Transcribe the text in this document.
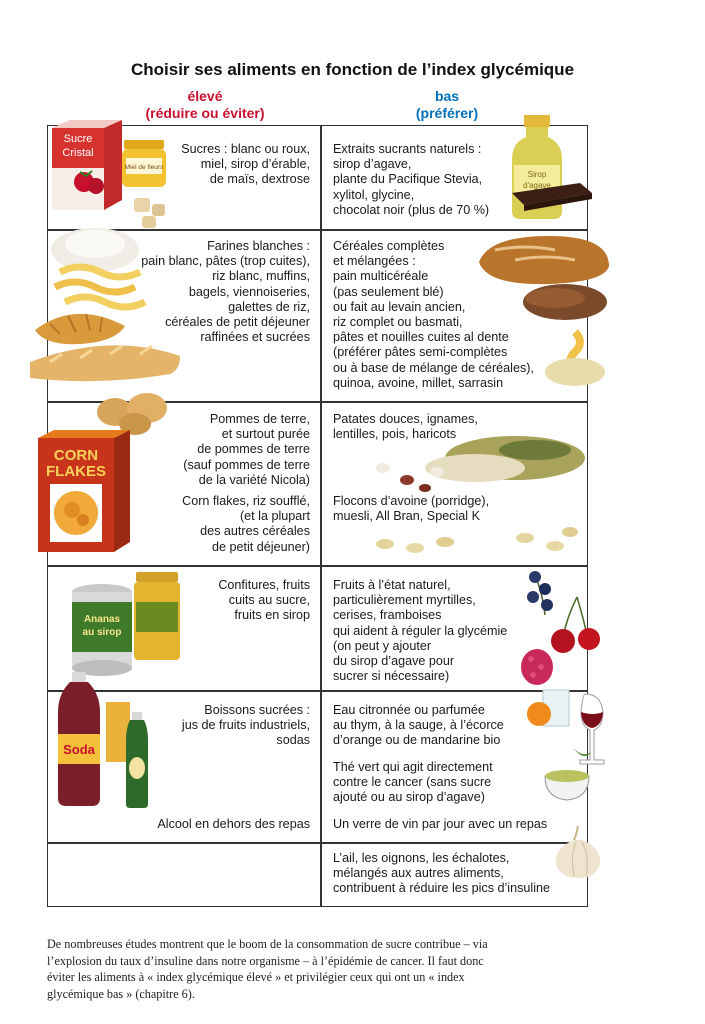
Choisir ses aliments en fonction de l’index glycémique
élevé
(réduire ou éviter)
bas
(préférer)
Sucre
Cristal
Miel de fleurs
Sirop
d'agave
CORN
FLAKES
Ananas
au sirop
Soda
Sucres : blanc ou roux,
miel, sirop d’érable,
de maïs, dextrose
Extraits sucrants naturels :
sirop d’agave,
plante du Pacifique Stevia,
xylitol, glycine,
chocolat noir (plus de 70 %)
Farines blanches :
pain blanc, pâtes (trop cuites),
riz blanc, muffins,
bagels, viennoiseries,
galettes de riz,
céréales de petit déjeuner
raffinées et sucrées
Céréales complètes
et mélangées :
pain multicéréale
(pas seulement blé)
ou fait au levain ancien,
riz complet ou basmati,
pâtes et nouilles cuites al dente
(préférer pâtes semi-complètes
ou à base de mélange de céréales),
quinoa, avoine, millet, sarrasin
Pommes de terre,
et surtout purée
de pommes de terre
(sauf pommes de terre
de la variété Nicola)
Corn flakes, riz soufflé,
(et la plupart
des autres céréales
de petit déjeuner)
Patates douces, ignames,
lentilles, pois, haricots
Flocons d’avoine (porridge),
muesli, All Bran, Special K
Confitures, fruits
cuits au sucre,
fruits en sirop
Fruits à l’état naturel,
particulièrement myrtilles,
cerises, framboises
qui aident à réguler la glycémie
(on peut y ajouter
du sirop d’agave pour
sucrer si nécessaire)
Boissons sucrées :
jus de fruits industriels,
sodas
Alcool en dehors des repas
Eau citronnée ou parfumée
au thym, à la sauge, à l’écorce
d’orange ou de mandarine bio
Thé vert qui agit directement
contre le cancer (sans sucre
ajouté ou au sirop d’agave)
Un verre de vin par jour avec un repas
L’ail, les oignons, les échalotes,
mélangés aux autres aliments,
contribuent à réduire les pics d’insuline
De nombreuses études montrent que le boom de la consommation de sucre contribue – via
l’explosion du taux d’insuline dans notre organisme – à l’épidémie de cancer. Il faut donc
éviter les aliments à « index glycémique élevé » et privilégier ceux qui ont un « index
glycémique bas » (chapitre 6).
